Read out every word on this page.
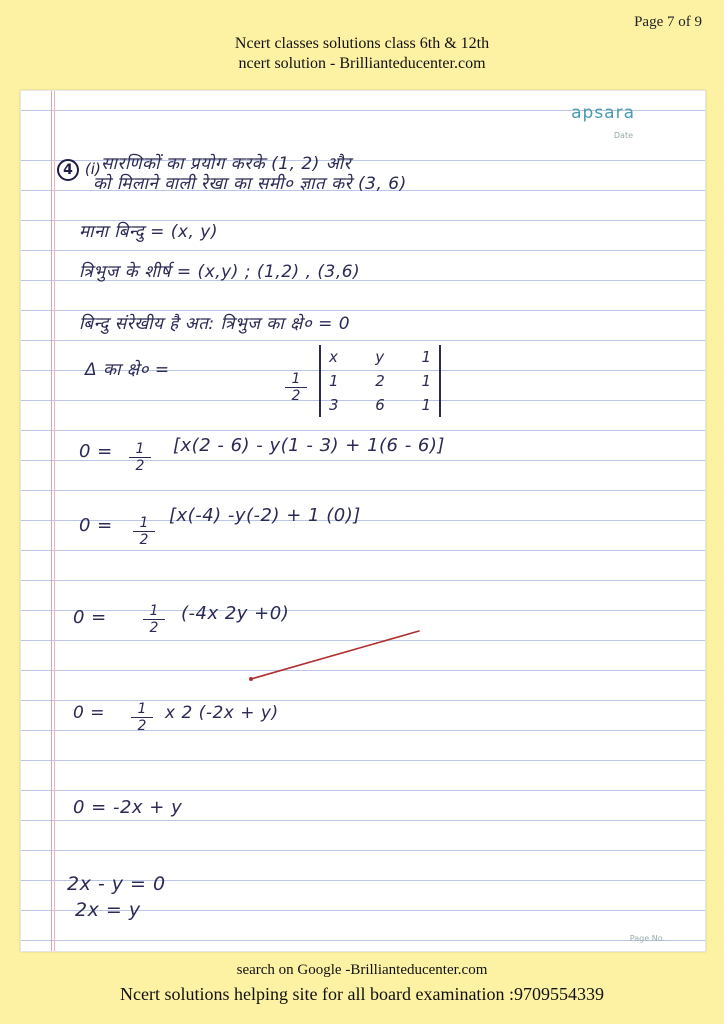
Page 7 of 9
Ncert classes solutions class 6th & 12th
ncert solution - Brillianteducenter.com
apsara
Date
4 (i) सारणिकों का प्रयोग करके (1, 2) और
को मिलाने वाली रेखा का समी० ज्ञात करे (3, 6)
माना बिन्दु = (x, y)
त्रिभुज के शीर्ष = (x,y) ; (1,2) , (3,6)
बिन्दु संरेखीय है अत: त्रिभुज का क्षे० = 0
Δ का क्षे० =
$\frac{1}{2}$
x y 1
1 2 1
3 6 1
$0 = \frac{1}{2} [x(2 - 6) - y(1 - 3) + 1(6 - 6)]$
$0 = \frac{1}{2} [x(-4) -y(-2) + 1$ (0)]
0 =	$\frac{1}{2} (-4x$ 2y +0)
$0 = \frac{1}{2}$ x 2 (-2x + y)
0 = -2x + y
2x - y = 0
2x = y
Page No.
search on Google -Brillianteducenter.com
Ncert solutions helping site for all board examination :9709554339
